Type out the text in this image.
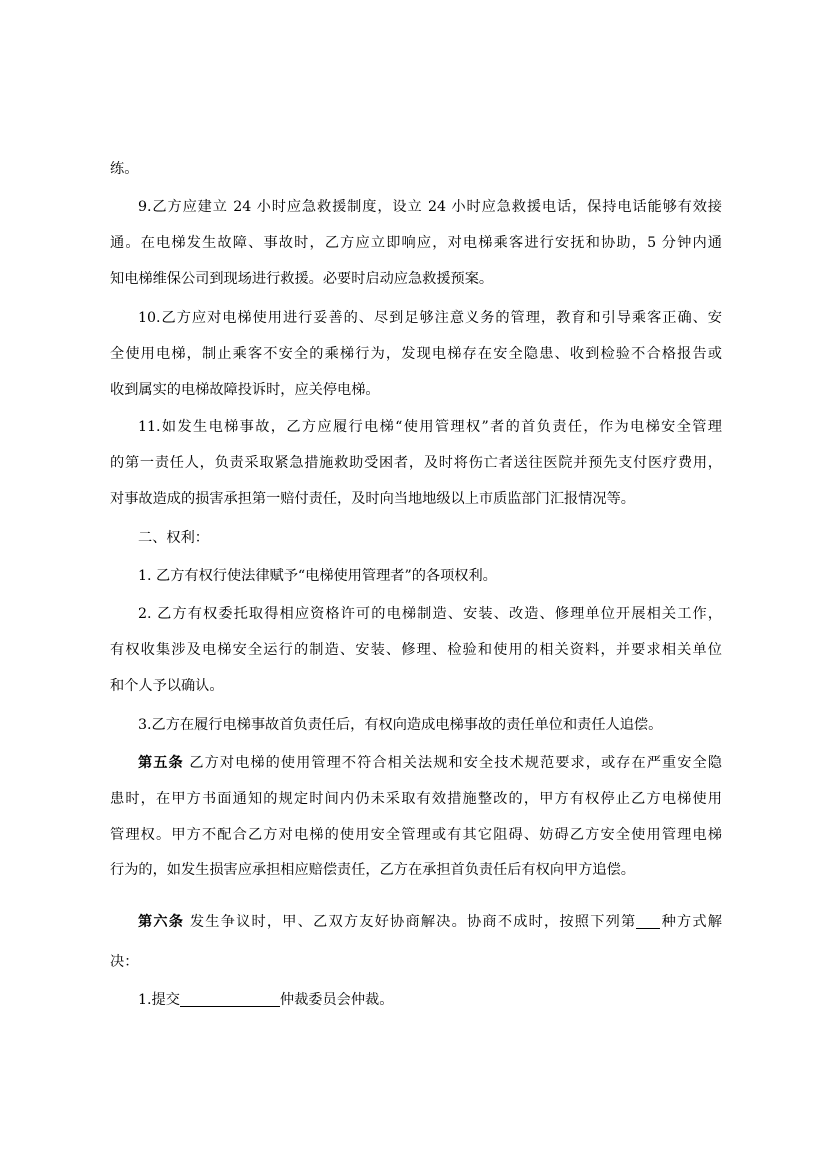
练。
9.乙方应建立 24 小时应急救援制度，设立 24 小时应急救援电话，保持电话能够有效接
通。在电梯发生故障、事故时，乙方应立即响应，对电梯乘客进行安抚和协助，5 分钟内通
知电梯维保公司到现场进行救援。必要时启动应急救援预案。
10.乙方应对电梯使用进行妥善的、尽到足够注意义务的管理，教育和引导乘客正确、安
全使用电梯，制止乘客不安全的乘梯行为，发现电梯存在安全隐患、收到检验不合格报告或
收到属实的电梯故障投诉时，应关停电梯。
11.如发生电梯事故，乙方应履行电梯“使用管理权”者的首负责任，作为电梯安全管理
的第一责任人，负责采取紧急措施救助受困者，及时将伤亡者送往医院并预先支付医疗费用，
对事故造成的损害承担第一赔付责任，及时向当地地级以上市质监部门汇报情况等。
二、权利：
1. 乙方有权行使法律赋予“电梯使用管理者”的各项权利。
2. 乙方有权委托取得相应资格许可的电梯制造、安装、改造、修理单位开展相关工作，
有权收集涉及电梯安全运行的制造、安装、修理、检验和使用的相关资料，并要求相关单位
和个人予以确认。
3.乙方在履行电梯事故首负责任后，有权向造成电梯事故的责任单位和责任人追偿。
第五条 乙方对电梯的使用管理不符合相关法规和安全技术规范要求，或存在严重安全隐
患时，在甲方书面通知的规定时间内仍未采取有效措施整改的，甲方有权停止乙方电梯使用
管理权。甲方不配合乙方对电梯的使用安全管理或有其它阻碍、妨碍乙方安全使用管理电梯
行为的，如发生损害应承担相应赔偿责任，乙方在承担首负责任后有权向甲方追偿。
第六条 发生争议时，甲、乙双方友好协商解决。协商不成时，按照下列第 种方式解
决：
1.提交	仲裁委员会仲裁。
